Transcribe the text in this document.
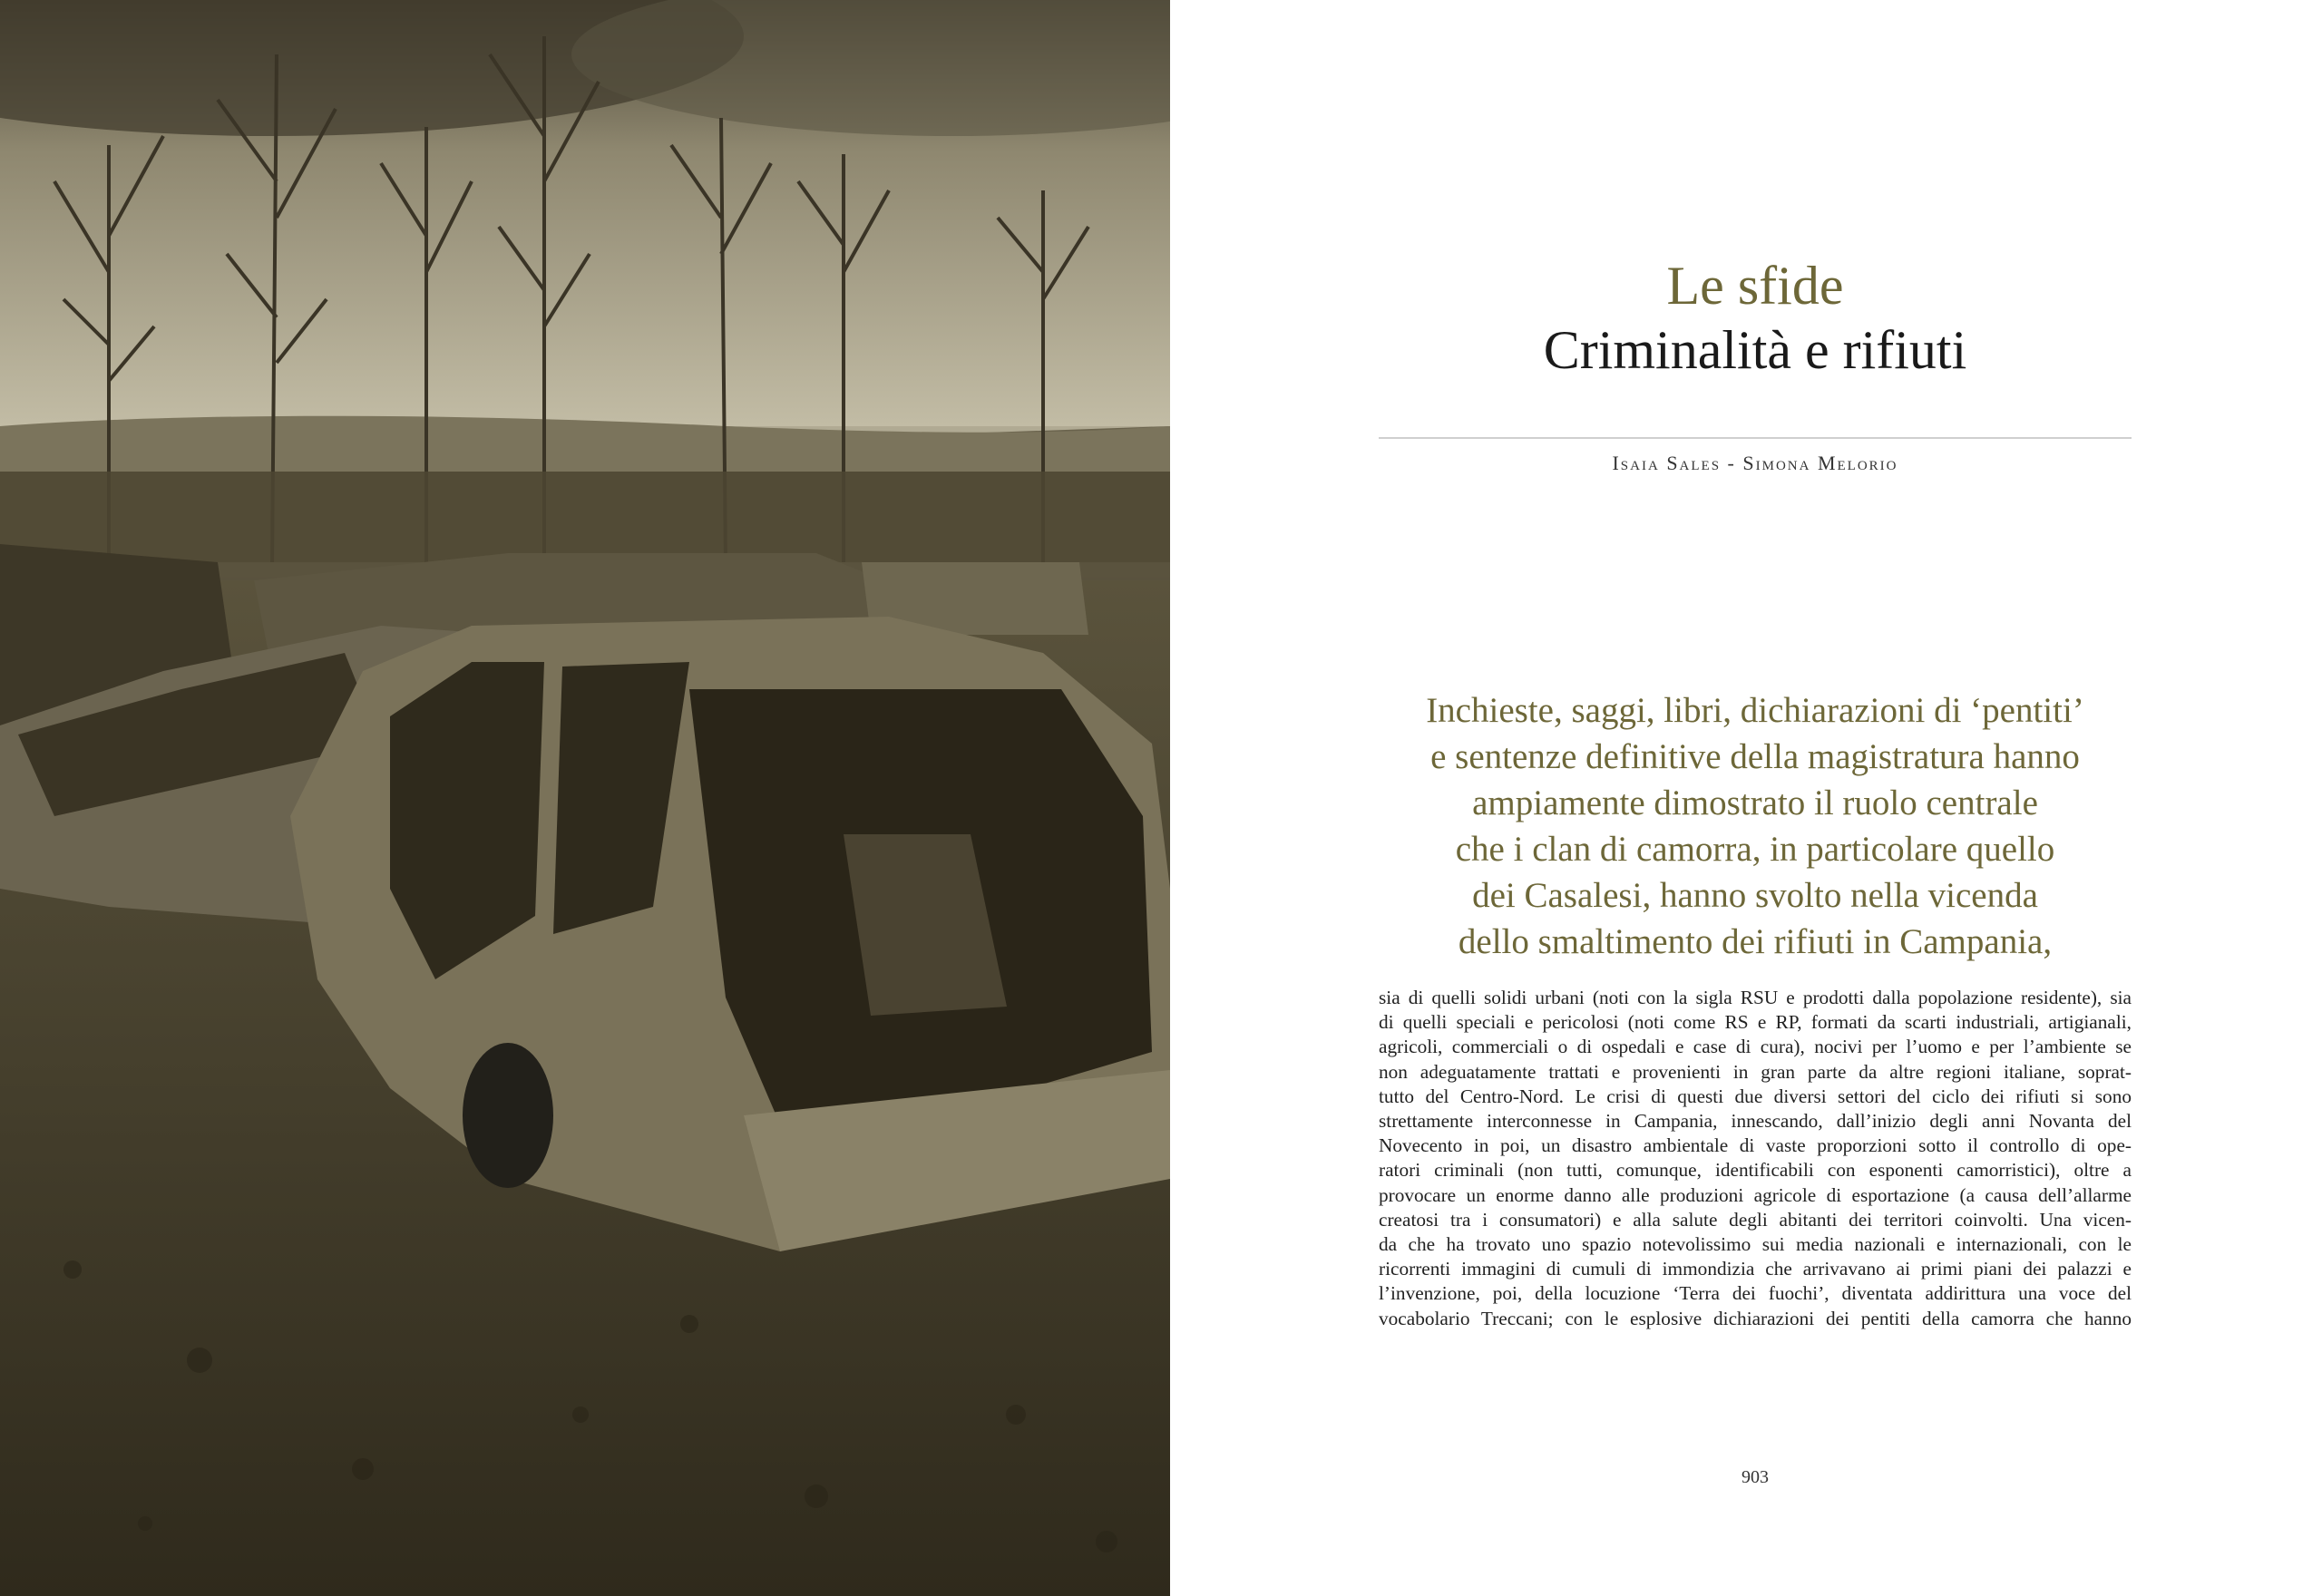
Le sfide
Criminalità e rifiuti
Isaia Sales - Simona Melorio
Inchieste, saggi, libri, dichiarazioni di ‘pentiti’
e sentenze definitive della magistratura hanno
ampiamente dimostrato il ruolo centrale
che i clan di camorra, in particolare quello
dei Casalesi, hanno svolto nella vicenda
dello smaltimento dei rifiuti in Campania,
sia di quelli solidi urbani (noti con la sigla RSU e prodotti dalla popolazione residente), sia
di quelli speciali e pericolosi (noti come RS e RP, formati da scarti industriali, artigianali,
agricoli, commerciali o di ospedali e case di cura), nocivi per l’uomo e per l’ambiente se
non adeguatamente trattati e provenienti in gran parte da altre regioni italiane, soprat-
tutto del Centro-Nord. Le crisi di questi due diversi settori del ciclo dei rifiuti si sono
strettamente interconnesse in Campania, innescando, dall’inizio degli anni Novanta del
Novecento in poi, un disastro ambientale di vaste proporzioni sotto il controllo di ope-
ratori criminali (non tutti, comunque, identificabili con esponenti camorristici), oltre a
provocare un enorme danno alle produzioni agricole di esportazione (a causa dell’allarme
creatosi tra i consumatori) e alla salute degli abitanti dei territori coinvolti. Una vicen-
da che ha trovato uno spazio notevolissimo sui media nazionali e internazionali, con le
ricorrenti immagini di cumuli di immondizia che arrivavano ai primi piani dei palazzi e
l’invenzione, poi, della locuzione ‘Terra dei fuochi’, diventata addirittura una voce del
vocabolario Treccani; con le esplosive dichiarazioni dei pentiti della camorra che hanno
903
